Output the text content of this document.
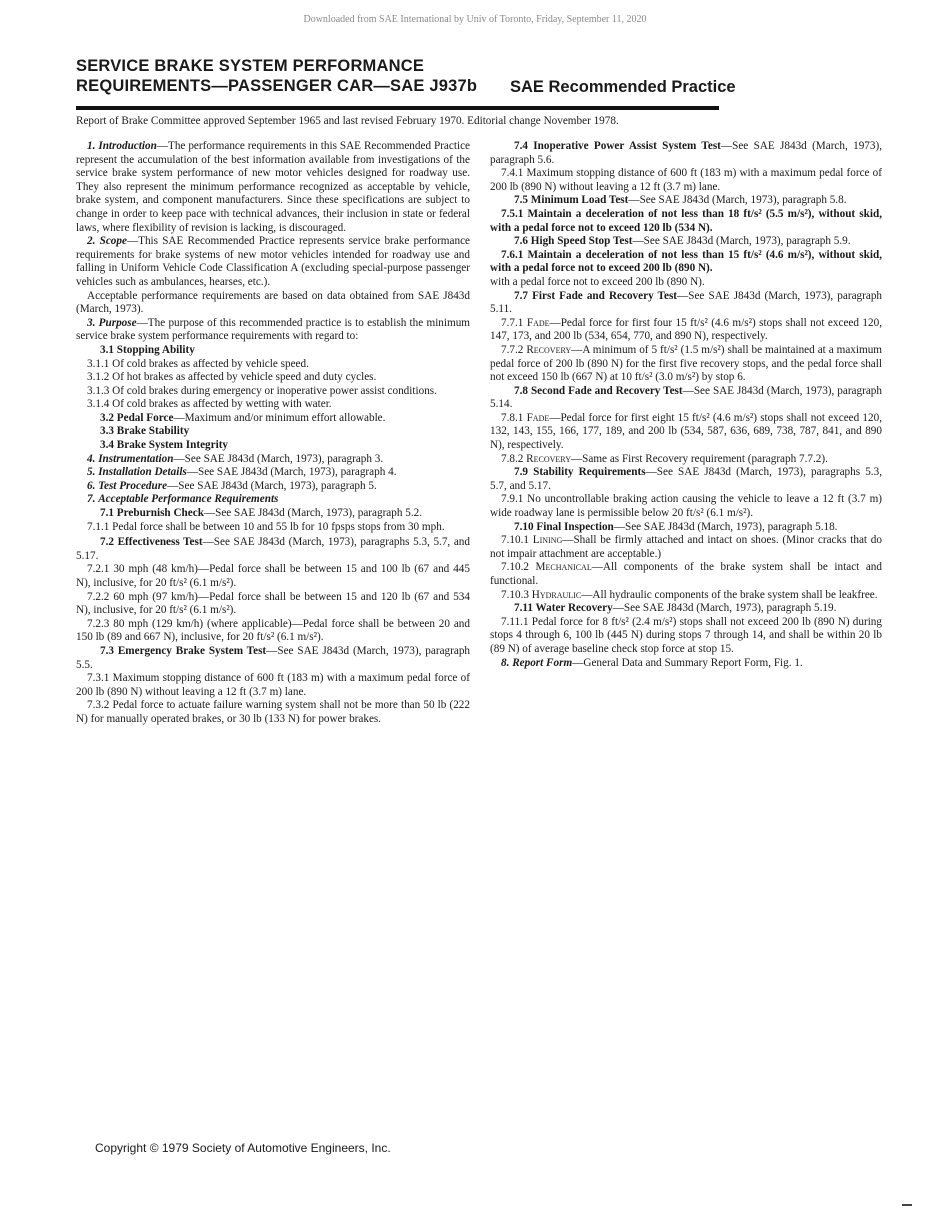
Downloaded from SAE International by Univ of Toronto, Friday, September 11, 2020
SERVICE BRAKE SYSTEM PERFORMANCE
REQUIREMENTS—PASSENGER CAR—SAE J937b	SAE Recommended Practice
Report of Brake Committee approved September 1965 and last revised February 1970. Editorial change November 1978.

1. Introduction—The performance requirements in this SAE Recommended Practice represent the accumulation of the best information available from investigations of the service brake system performance of new motor vehicles designed for roadway use. They also represent the minimum performance recognized as acceptable by vehicle, brake system, and component manufacturers. Since these specifications are subject to change in order to keep pace with technical advances, their inclusion in state or federal laws, where flexibility of revision is lacking, is discouraged.

2. Scope—This SAE Recommended Practice represents service brake performance requirements for brake systems of new motor vehicles intended for roadway use and falling in Uniform Vehicle Code Classification A (excluding special-purpose passenger vehicles such as ambulances, hearses, etc.).

Acceptable performance requirements are based on data obtained from SAE J843d (March, 1973).

3. Purpose—The purpose of this recommended practice is to establish the minimum service brake system performance requirements with regard to:

3.1 Stopping Ability

3.1.1 Of cold brakes as affected by vehicle speed.

3.1.2 Of hot brakes as affected by vehicle speed and duty cycles.

3.1.3 Of cold brakes during emergency or inoperative power assist conditions.

3.1.4 Of cold brakes as affected by wetting with water.

3.2 Pedal Force—Maximum and/or minimum effort allowable.

3.3 Brake Stability

3.4 Brake System Integrity

4. Instrumentation—See SAE J843d (March, 1973), paragraph 3.

5. Installation Details—See SAE J843d (March, 1973), paragraph 4.

6. Test Procedure—See SAE J843d (March, 1973), paragraph 5.

7. Acceptable Performance Requirements

7.1 Preburnish Check—See SAE J843d (March, 1973), paragraph 5.2.

7.1.1 Pedal force shall be between 10 and 55 lb for 10 fpsps stops from 30 mph.

7.2 Effectiveness Test—See SAE J843d (March, 1973), paragraphs 5.3, 5.7, and 5.17.

7.2.1 30 mph (48 km/h)—Pedal force shall be between 15 and 100 lb (67 and 445 N), inclusive, for 20 ft/s² (6.1 m/s²).

7.2.2 60 mph (97 km/h)—Pedal force shall be between 15 and 120 lb (67 and 534 N), inclusive, for 20 ft/s² (6.1 m/s²).

7.2.3 80 mph (129 km/h) (where applicable)—Pedal force shall be between 20 and 150 lb (89 and 667 N), inclusive, for 20 ft/s² (6.1 m/s²).

7.3 Emergency Brake System Test—See SAE J843d (March, 1973), paragraph 5.5.

7.3.1 Maximum stopping distance of 600 ft (183 m) with a maximum pedal force of 200 lb (890 N) without leaving a 12 ft (3.7 m) lane.

7.3.2 Pedal force to actuate failure warning system shall not be more than 50 lb (222 N) for manually operated brakes, or 30 lb (133 N) for power brakes.

7.4 Inoperative Power Assist System Test—See SAE J843d (March, 1973), paragraph 5.6.

7.4.1 Maximum stopping distance of 600 ft (183 m) with a maximum pedal force of 200 lb (890 N) without leaving a 12 ft (3.7 m) lane.

7.5 Minimum Load Test—See SAE J843d (March, 1973), paragraph 5.8.

7.5.1 Maintain a deceleration of not less than 18 ft/s² (5.5 m/s²), without skid, with a pedal force not to exceed 120 lb (534 N).

7.6 High Speed Stop Test—See SAE J843d (March, 1973), paragraph 5.9.

7.6.1 Maintain a deceleration of not less than 15 ft/s² (4.6 m/s²), without skid, with a pedal force not to exceed 200 lb (890 N).

with a pedal force not to exceed 200 lb (890 N).

7.7 First Fade and Recovery Test—See SAE J843d (March, 1973), paragraph 5.11.

7.7.1 Fade—Pedal force for first four 15 ft/s² (4.6 m/s²) stops shall not exceed 120, 147, 173, and 200 lb (534, 654, 770, and 890 N), respectively.

7.7.2 Recovery—A minimum of 5 ft/s² (1.5 m/s²) shall be maintained at a maximum pedal force of 200 lb (890 N) for the first five recovery stops, and the pedal force shall not exceed 150 lb (667 N) at 10 ft/s² (3.0 m/s²) by stop 6.

7.8 Second Fade and Recovery Test—See SAE J843d (March, 1973), paragraph 5.14.

7.8.1 Fade—Pedal force for first eight 15 ft/s² (4.6 m/s²) stops shall not exceed 120, 132, 143, 155, 166, 177, 189, and 200 lb (534, 587, 636, 689, 738, 787, 841, and 890 N), respectively.

7.8.2 Recovery—Same as First Recovery requirement (paragraph 7.7.2).

7.9 Stability Requirements—See SAE J843d (March, 1973), paragraphs 5.3, 5.7, and 5.17.

7.9.1 No uncontrollable braking action causing the vehicle to leave a 12 ft (3.7 m) wide roadway lane is permissible below 20 ft/s² (6.1 m/s²).

7.10 Final Inspection—See SAE J843d (March, 1973), paragraph 5.18.

7.10.1 Lining—Shall be firmly attached and intact on shoes. (Minor cracks that do not impair attachment are acceptable.)

7.10.2 Mechanical—All components of the brake system shall be intact and functional.

7.10.3 Hydraulic—All hydraulic components of the brake system shall be leakfree.

7.11 Water Recovery—See SAE J843d (March, 1973), paragraph 5.19.

7.11.1 Pedal force for 8 ft/s² (2.4 m/s²) stops shall not exceed 200 lb (890 N) during stops 4 through 6, 100 lb (445 N) during stops 7 through 14, and shall be within 20 lb (89 N) of average baseline check stop force at stop 15.

8. Report Form—General Data and Summary Report Form, Fig. 1.

Copyright © 1979 Society of Automotive Engineers, Inc.
